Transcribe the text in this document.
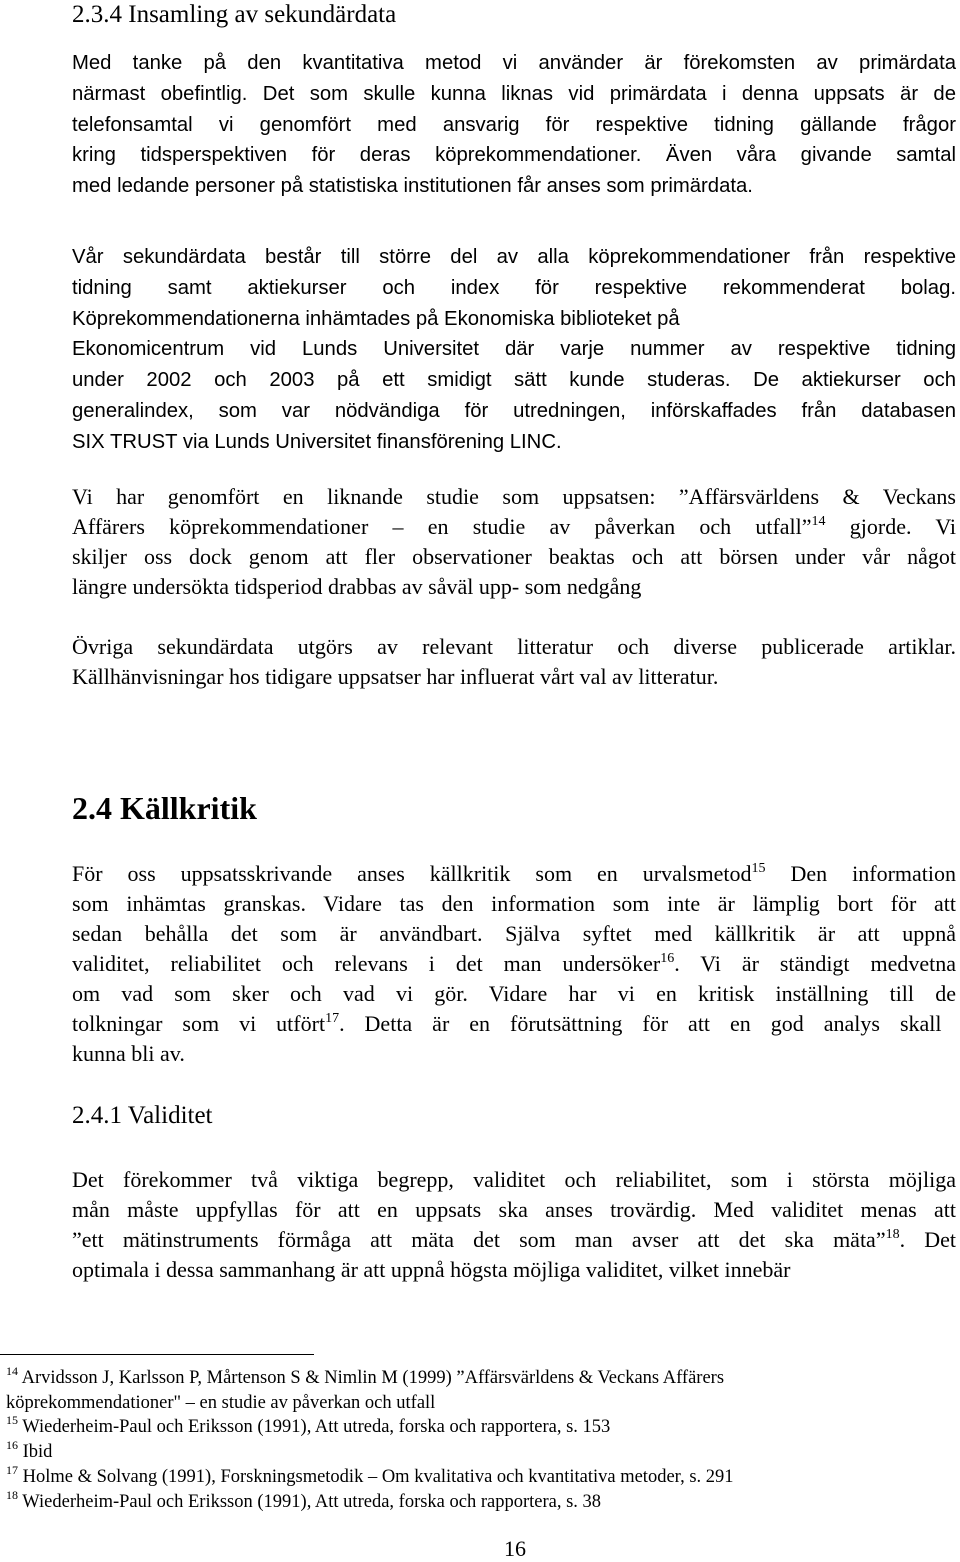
2.3.4 Insamling av sekundärdata
Med tanke på den kvantitativa metod vi använder är förekomsten av primärdata
närmast obefintlig. Det som skulle kunna liknas vid primärdata i denna uppsats är de
telefonsamtal vi genomfört med ansvarig för respektive tidning gällande frågor
kring tidsperspektiven för deras köprekommendationer. Även våra givande samtal
med ledande personer på statistiska institutionen får anses som primärdata.
Vår sekundärdata består till större del av alla köprekommendationer från respektive
tidning samt aktiekurser och index för respektive rekommenderat bolag.
Köprekommendationerna inhämtades på Ekonomiska biblioteket på
Ekonomicentrum vid Lunds Universitet där varje nummer av respektive tidning
under 2002 och 2003 på ett smidigt sätt kunde studeras. De aktiekurser och
generalindex, som var nödvändiga för utredningen, införskaffades från databasen
SIX TRUST via Lunds Universitet finansförening LINC.
Vi har genomfört en liknande studie som uppsatsen: ”Affärsvärldens & Veckans
Affärers köprekommendationer – en studie av påverkan och utfall”$^{14}$ gjorde. Vi
skiljer oss dock genom att fler observationer beaktas och att börsen under vår något
längre undersökta tidsperiod drabbas av såväl upp- som nedgång
Övriga sekundärdata utgörs av relevant litteratur och diverse publicerade artiklar.
Källhänvisningar hos tidigare uppsatser har influerat vårt val av litteratur.
2.4 Källkritik
För oss uppsatsskrivande anses källkritik som en urvalsmetod$^{15}$ Den information
som inhämtas granskas. Vidare tas den information som inte är lämplig bort för att
sedan behålla det som är användbart. Själva syftet med källkritik är att uppnå
validitet, reliabilitet och relevans i det man undersöker$^{16}$. Vi är ständigt medvetna
om vad som sker och vad vi gör. Vidare har vi en kritisk inställning till de
tolkningar som vi utfört$^{17}$. Detta är en förutsättning för att en god analys skall
kunna bli av.
2.4.1 Validitet
Det förekommer två viktiga begrepp, validitet och reliabilitet, som i största möjliga
mån måste uppfyllas för att en uppsats ska anses trovärdig. Med validitet menas att
”ett mätinstruments förmåga att mäta det som man avser att det ska mäta”$^{18}$. Det
optimala i dessa sammanhang är att uppnå högsta möjliga validitet, vilket innebär
$^{14}$ Arvidsson J, Karlsson P, Mårtenson S & Nimlin M (1999) ”Affärsvärldens & Veckans Affärers
köprekommendationer" – en studie av påverkan och utfall
$^{15}$ Wiederheim-Paul och Eriksson (1991), Att utreda, forska och rapportera, s. 153
$^{16}$ Ibid
$^{17}$ Holme & Solvang (1991), Forskningsmetodik – Om kvalitativa och kvantitativa metoder, s. 291
$^{18}$ Wiederheim-Paul och Eriksson (1991), Att utreda, forska och rapportera, s. 38
16
